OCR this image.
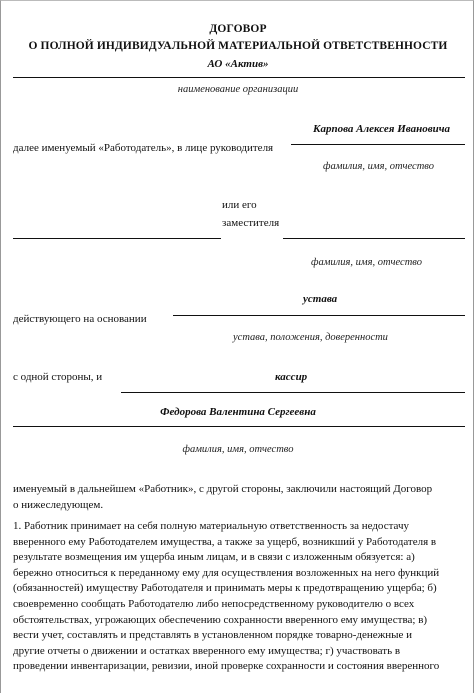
ДОГОВОР
О ПОЛНОЙ ИНДИВИДУАЛЬНОЙ МАТЕРИАЛЬНОЙ ОТВЕТСТВЕННОСТИ
АО «Актив»
наименование организации
Карпова Алексея Ивановича
далее именуемый «Работодатель», в лице руководителя
фамилия, имя, отчество
или его
заместителя
фамилия, имя, отчество
устава
действующего на основании
устава, положения, доверенности
с одной стороны, и	кассир
Федорова Валентина Сергеевна
фамилия, имя, отчество
именуемый в дальнейшем «Работник», с другой стороны, заключили настоящий Договор
о нижеследующем.
1. Работник принимает на себя полную материальную ответственность за недостачу
вверенного ему Работодателем имущества, а также за ущерб, возникший у Работодателя в
результате возмещения им ущерба иным лицам, и в связи с изложенным обязуется: а)
бережно относиться к переданному ему для осуществления возложенных на него функций
(обязанностей) имуществу Работодателя и принимать меры к предотвращению ущерба; б)
своевременно сообщать Работодателю либо непосредственному руководителю о всех
обстоятельствах, угрожающих обеспечению сохранности вверенного ему имущества; в)
вести учет, составлять и представлять в установленном порядке товарно-денежные и
другие отчеты о движении и остатках вверенного ему имущества; г) участвовать в
проведении инвентаризации, ревизии, иной проверке сохранности и состояния вверенного
